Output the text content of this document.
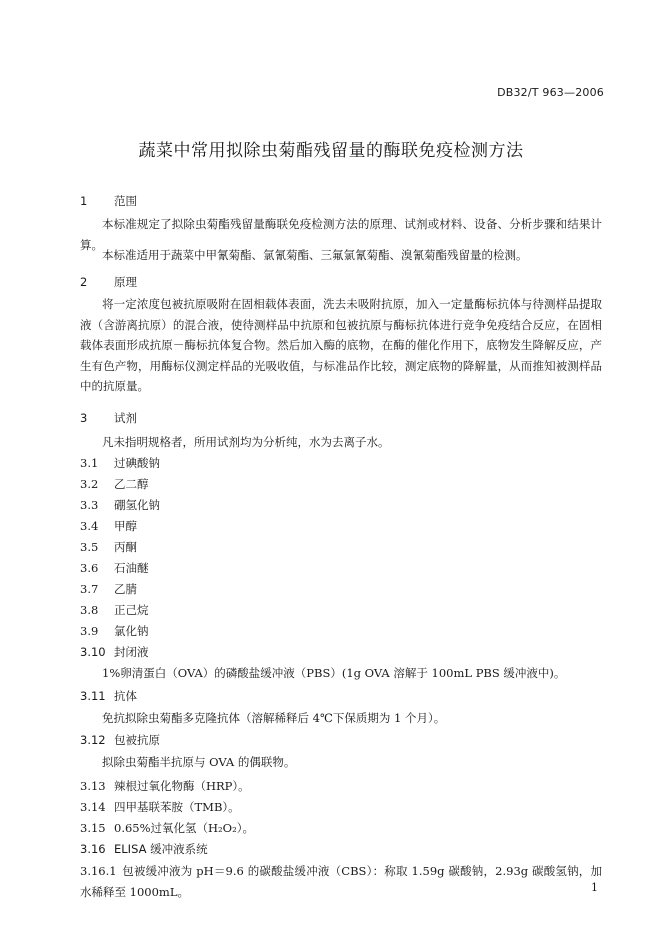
DB32/T 963—2006
蔬菜中常用拟除虫菊酯残留量的酶联免疫检测方法
1 范围
本标准规定了拟除虫菊酯残留量酶联免疫检测方法的原理、试剂或材料、设备、分析步骤和结果计算。
本标准适用于蔬菜中甲氰菊酯、氯氰菊酯、三氟氯氰菊酯、溴氰菊酯残留量的检测。
2 原理
将一定浓度包被抗原吸附在固相载体表面，洗去未吸附抗原，加入一定量酶标抗体与待测样品提取液（含游离抗原）的混合液，使待测样品中抗原和包被抗原与酶标抗体进行竞争免疫结合反应，在固相载体表面形成抗原－酶标抗体复合物。然后加入酶的底物，在酶的催化作用下，底物发生降解反应，产生有色产物，用酶标仪测定样品的光吸收值，与标准品作比较，测定底物的降解量，从而推知被测样品中的抗原量。
3 试剂
凡未指明规格者，所用试剂均为分析纯，水为去离子水。
3.1 过碘酸钠
3.2 乙二醇
3.3 硼氢化钠
3.4 甲醇
3.5 丙酮
3.6 石油醚
3.7 乙腈
3.8 正己烷
3.9 氯化钠
3.10 封闭液
1%卵清蛋白（OVA）的磷酸盐缓冲液（PBS）(1g OVA 溶解于 100mL PBS 缓冲液中)。
3.11 抗体
免抗拟除虫菊酯多克隆抗体（溶解稀释后 4℃下保质期为 1 个月）。
3.12 包被抗原
拟除虫菊酯半抗原与 OVA 的偶联物。
3.13 辣根过氧化物酶（HRP）。
3.14 四甲基联苯胺（TMB）。
3.15 0.65%过氧化氢（H₂O₂）。
3.16 ELISA 缓冲液系统
3.16.1 包被缓冲液为 pH＝9.6 的碳酸盐缓冲液（CBS）：称取 1.59g 碳酸钠，2.93g 碳酸氢钠，加水稀释至 1000mL。	1
